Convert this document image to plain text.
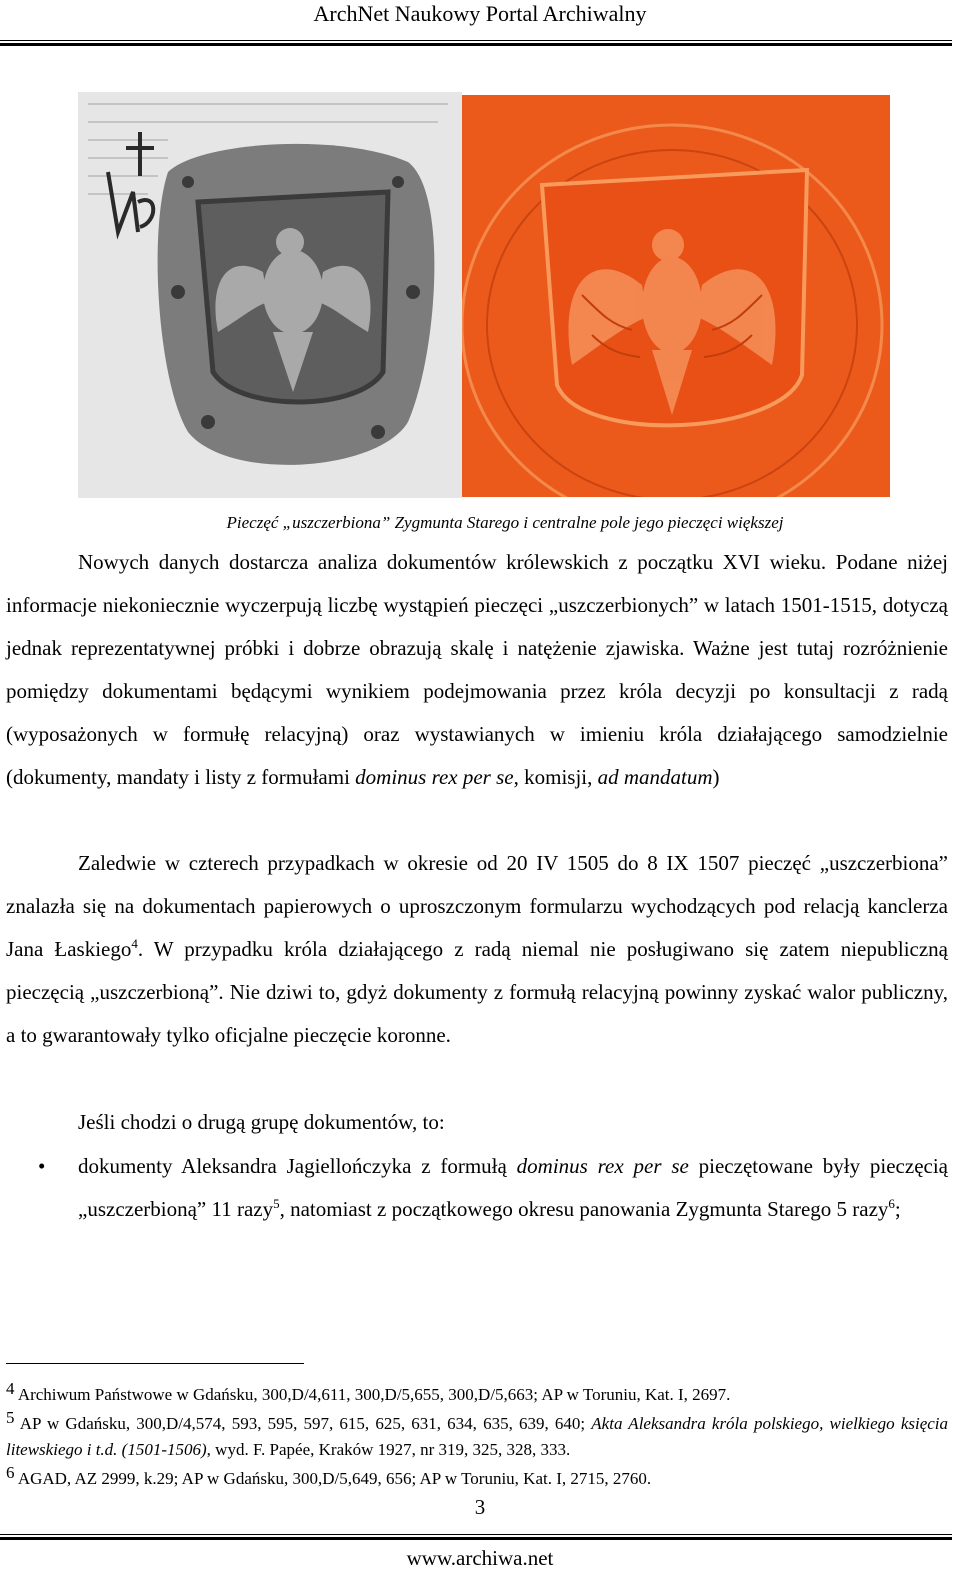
ArchNet Naukowy Portal Archiwalny
Pieczęć „uszczerbiona” Zygmunta Starego i centralne pole jego pieczęci większej

Nowych danych dostarcza analiza dokumentów królewskich z początku XVI wieku. Podane niżej informacje niekoniecznie wyczerpują liczbę wystąpień pieczęci „uszczerbionych” w latach 1501-1515, dotyczą jednak reprezentatywnej próbki i dobrze obrazują skalę i natężenie zjawiska. Ważne jest tutaj rozróżnienie pomiędzy dokumentami będącymi wynikiem podejmowania przez króla decyzji po konsultacji z radą (wyposażonych w formułę relacyjną) oraz wystawianych w imieniu króla działającego samodzielnie (dokumenty, mandaty i listy z formułami dominus rex per se, komisji, ad mandatum)

Zaledwie w czterech przypadkach w okresie od 20 IV 1505 do 8 IX 1507 pieczęć „uszczerbiona” znalazła się na dokumentach papierowych o uproszczonym formularzu wychodzących pod relacją kanclerza Jana Łaskiego$^4$. W przypadku króla działającego z radą niemal nie posługiwano się zatem niepubliczną pieczęcią „uszczerbioną”. Nie dziwi to, gdyż dokumenty z formułą relacyjną powinny zyskać walor publiczny, a to gwarantowały tylko oficjalne pieczęcie koronne.

Jeśli chodzi o drugą grupę dokumentów, to:

• dokumenty Aleksandra Jagiellończyka z formułą dominus rex per se pieczętowane były pieczęcią „uszczerbioną” 11 razy$^5$, natomiast z początkowego okresu panowania Zygmunta Starego 5 razy$^6$;

4 Archiwum Państwowe w Gdańsku, 300,D/4,611, 300,D/5,655, 300,D/5,663; AP w Toruniu, Kat. I, 2697.

5 AP w Gdańsku, 300,D/4,574, 593, 595, 597, 615, 625, 631, 634, 635, 639, 640; Akta Aleksandra króla polskiego, wielkiego księcia litewskiego i t.d. (1501-1506), wyd. F. Papée, Kraków 1927, nr 319, 325, 328, 333.

6 AGAD, AZ 2999, k.29; AP w Gdańsku, 300,D/5,649, 656; AP w Toruniu, Kat. I, 2715, 2760.

3
www.archiwa.net
